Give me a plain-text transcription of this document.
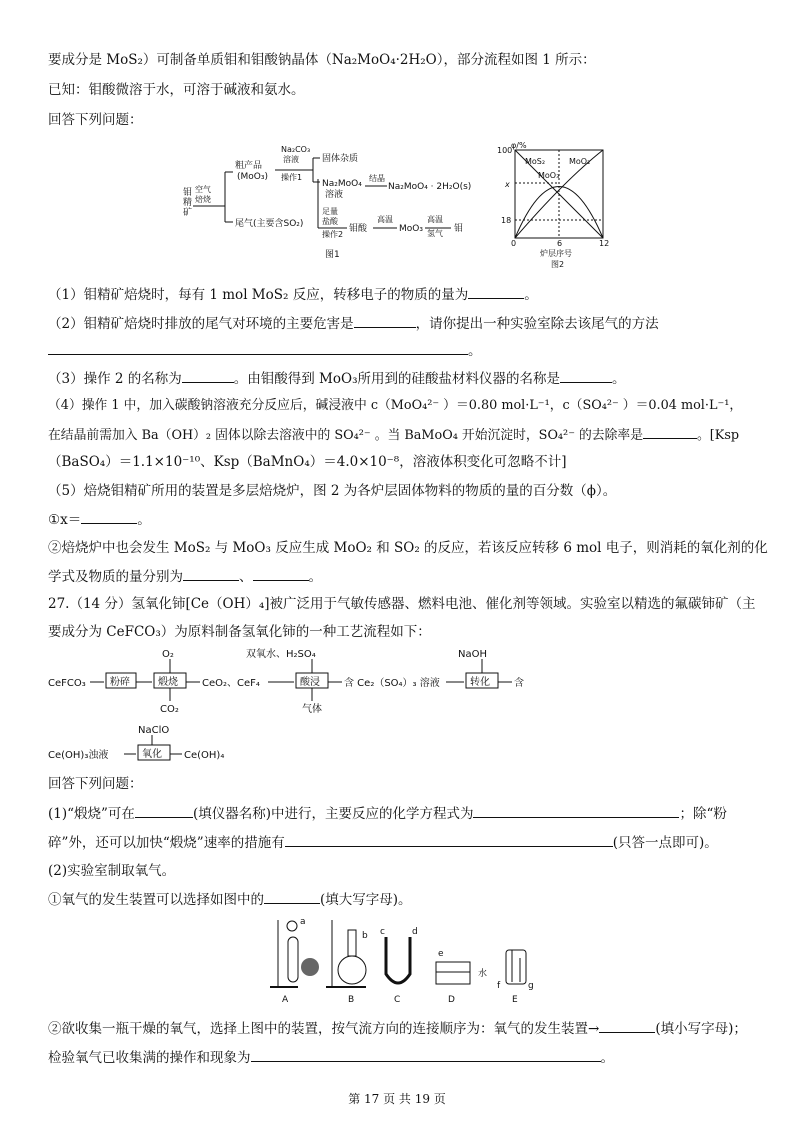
要成分是 MoS₂）可制备单质钼和钼酸钠晶体（Na₂MoO₄·2H₂O），部分流程如图 1 所示：
已知：钼酸微溶于水，可溶于碱液和氨水。
回答下列问题：
钼
精
矿
空气
焙烧
粗产品
(MoO₃)
Na₂CO₃
溶液
操作1
固体杂质
Na₂MoO₄
溶液
结晶
Na₂MoO₄ · 2H₂O(s)
尾气(主要含SO₂)
足量
盐酸
操作2
钼酸
高温
MoO₃
高温
氢气 钼
图1
φ/%
100
x
18
0	6	12
MoS₂	MoO₂
MoO₃
炉层序号
图2
（1）钼精矿焙烧时，每有 1 mol MoS₂ 反应，转移电子的物质的量为	。
（2）钼精矿焙烧时排放的尾气对环境的主要危害是	，请你提出一种实验室除去该尾气的方法
。
（3）操作 2 的名称为	。由钼酸得到 MoO₃所用到的硅酸盐材料仪器的名称是	。
（4）操作 1 中，加入碳酸钠溶液充分反应后，碱浸液中 c（MoO₄²⁻ ）＝0.80 mol·L⁻¹，c（SO₄²⁻ ）＝0.04 mol·L⁻¹，
在结晶前需加入 Ba（OH）₂ 固体以除去溶液中的 SO₄²⁻ 。当 BaMoO₄ 开始沉淀时，SO₄²⁻ 的去除率是	。[Ksp
（BaSO₄）＝1.1×10⁻¹⁰、Ksp（BaMnO₄）＝4.0×10⁻⁸，溶液体积变化可忽略不计]
（5）焙烧钼精矿所用的装置是多层焙烧炉，图 2 为各炉层固体物料的物质的量的百分数（ϕ）。
①x＝	。
②焙烧炉中也会发生 MoS₂ 与 MoO₃ 反应生成 MoO₂ 和 SO₂ 的反应，若该反应转移 6 mol 电子，则消耗的氧化剂的化
学式及物质的量分别为	、	。
27.（14 分）氢氧化铈[Ce（OH）₄]被广泛用于气敏传感器、燃料电池、催化剂等领域。实验室以精选的氟碳铈矿（主
要成分为 CeFCO₃）为原料制备氢氧化铈的一种工艺流程如下：
CeFCO₃ 粉碎
O₂
煅烧
CO₂
CeO₂、CeF₄
双氧水、H₂SO₄
酸浸
气体
含 Ce₂（SO₄）₃ 溶液
NaOH
转化 含
Ce(OH)₃浊液
NaClO
氧化 Ce(OH)₄
回答下列问题：
(1)“煅烧”可在	(填仪器名称)中进行，主要反应的化学方程式为	；除“粉
碎”外，还可以加快“煅烧”速率的措施有	(只答一点即可)。
(2)实验室制取氧气。
①氧气的发生装置可以选择如图中的	(填大写字母)。
a
A
b
B
c	d
C
e
水
D
f	g
E
②欲收集一瓶干燥的氧气，选择上图中的装置，按气流方向的连接顺序为：氧气的发生装置→	(填小写字母)；
检验氧气已收集满的操作和现象为	。
第 17 页 共 19 页
